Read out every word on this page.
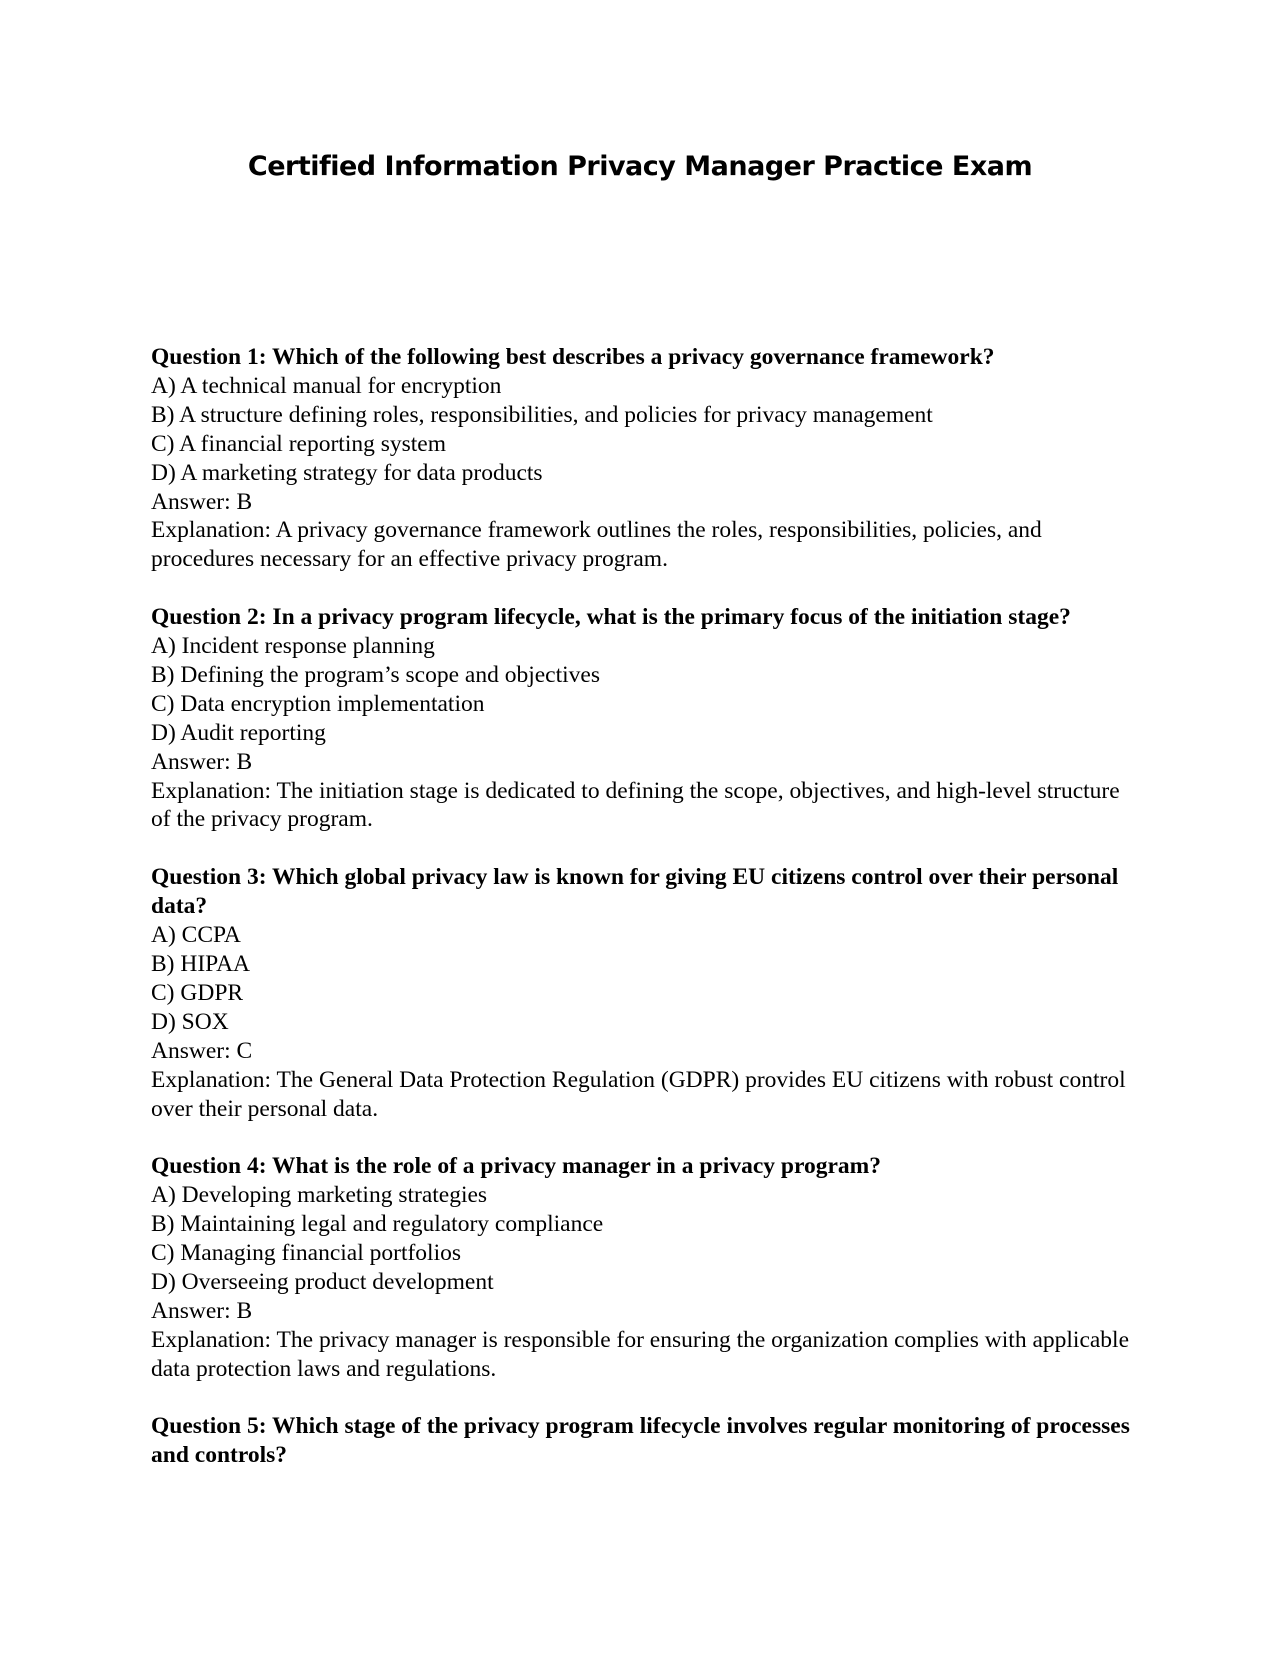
Certified Information Privacy Manager Practice Exam

Question 1: Which of the following best describes a privacy governance framework?

A) A technical manual for encryption

B) A structure defining roles, responsibilities, and policies for privacy management

C) A financial reporting system

D) A marketing strategy for data products

Answer: B

Explanation: A privacy governance framework outlines the roles, responsibilities, policies, and procedures necessary for an effective privacy program.

Question 2: In a privacy program lifecycle, what is the primary focus of the initiation stage?

A) Incident response planning

B) Defining the program’s scope and objectives

C) Data encryption implementation

D) Audit reporting

Answer: B

Explanation: The initiation stage is dedicated to defining the scope, objectives, and high-level structure of the privacy program.

Question 3: Which global privacy law is known for giving EU citizens control over their personal data?

A) CCPA

B) HIPAA

C) GDPR

D) SOX

Answer: C

Explanation: The General Data Protection Regulation (GDPR) provides EU citizens with robust control over their personal data.

Question 4: What is the role of a privacy manager in a privacy program?

A) Developing marketing strategies

B) Maintaining legal and regulatory compliance

C) Managing financial portfolios

D) Overseeing product development

Answer: B

Explanation: The privacy manager is responsible for ensuring the organization complies with applicable data protection laws and regulations.

Question 5: Which stage of the privacy program lifecycle involves regular monitoring of processes and controls?
